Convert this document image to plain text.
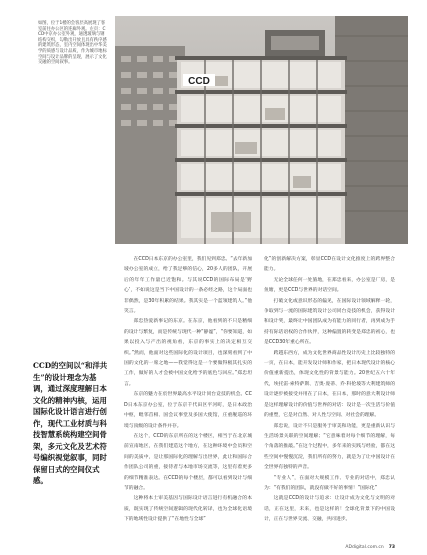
如图，位于1楼的会客层高展现了客室前往办公区的连廊外观。左页：CCD中京办公室外观，通透玻璃与钢结构交织，勾勒出开放且具有秩序感的建筑形态，室内空间体现出中华美学的质感与设计品质，作为城市地标空间与设计品牌的呈现，展示了文化交融的空间叙事。
CCD
CCD的空间以“和洋共生”的设计理念为基调，通过深度理解日本文化的精神内核，运用国际化设计语言进行创作，现代工业材质与科技智慧系统构建空间骨架，多元文化及艺术符号编织视觉叙事，同时保留日式的空间仪式感。

在CCD日本东京的办公室里，我们见到郑忠。“去年新加坡办公室的成立，给了我足够的信心，20多人的团队，开展后的年年工作量已近饱和。与其说CCD的国际布局是‘野心’，不如说这是当下中国设计的一条必经之路，这个局面也非偶然，是30年积累的结果。我其实是一个蓝领建筑人。”他笑言。

郑忠热爱新事记的东京。在东京，他看到的不只是精细的设计与繁复，而是传统与现代一种“静谧”，“你要知道，如果以投入与产出的视角看，东京的事实上的决定相互交织。”然而，他面对这些国际化的设计项目，也深刻看到了中国的文化的一席之地——我觉得这是一个要做得极其扎实的工作，做好的人才会被中国文化给予的底色与回应。”郑忠坦言。

东京的魅力在於世界最高水平设计同台竞技的机会。CCD日本东京办公室，位于东京千代田区平河町，是日本政治中枢，毗邻首相、国会议事堂及多国大使馆，庄重舰巡的环境与顶级的设计条件并存。

在这个，CCD的东京所在的这个楼区，相当于在北京城前宣南地区，在我们建造这个地方，在这种环境中会员和空间的美质中，是让那国际化的理解与出世界，此让和国际合作团队公司的重，接待者与本地市场交流等，这里有着更多的细节精准表达。在CCD的每个楼层，都可以看到设计与细节的融合。

这种将本土审美基因与国际设计语言进行有机融合的本质，既实现了传统空间逻辑的现代化转译，也为全球化语境下的地域性设计提供了“在地性与全球”

化”的创新解决方案，彰显CCD在设计文化推度上的跨界整合能力。

无论全球任何一处旅地，在郑忠看来，办公室是厂房，是鱼塘，更是CCD与世界的对话空间。

打破文化或意识形态的偏见，在国际设计领域解释一轮，争取到与一流的国际建筑设计公司同台竞技的机会，获得设计和设计奖，最终让中国团队成为有能力的同行者，再到成为手持有际话语权的合作伙伴，这种偏置的转变是郑忠的初心，也是CCD30年重心所在。

跨越东西方，成为文化世界商品性设计历史上比较独特的一页，在日本，能开发设计师和作家，把日本现代设计的核心价值重新提出，体现文化性的背景与能力。20世纪五六十年代，埃托雷·索特萨斯、吉奥·庞蒂、乔·科伦坡等大利建筑师的设计逐步被接受并用在了日本，在日本，那时的意大利设计师是这样理解设计的价值与世界的对话：设计是一次生活与价值的重塑，它是对自然、对人性与空间、对社会的理解。

郑忠说，设计不只是服务于审美和功能，更是重新认识与生活场景关联的空间理解；“它意味着对每个细节的理解，每个角落的推敲。”在这个过程中，多年来的实践与经验，都在这些空间中慢慢沉淀，我们所有的努力，就是为了让中国设计在全世界有独特的声音。

“专业人”，在面对大规模工作、专业的对话中，郑忠认为：“有我们的团队，就没有做不好的事情！”国际化”

这就是CCD的设计与追求：让设计成为文化与文明的对话，正在这里，未来，也是这样的！全球化背景下的中国设计，正在与世界交流、交融，共同进步。

ADdigital.com.cn 73
